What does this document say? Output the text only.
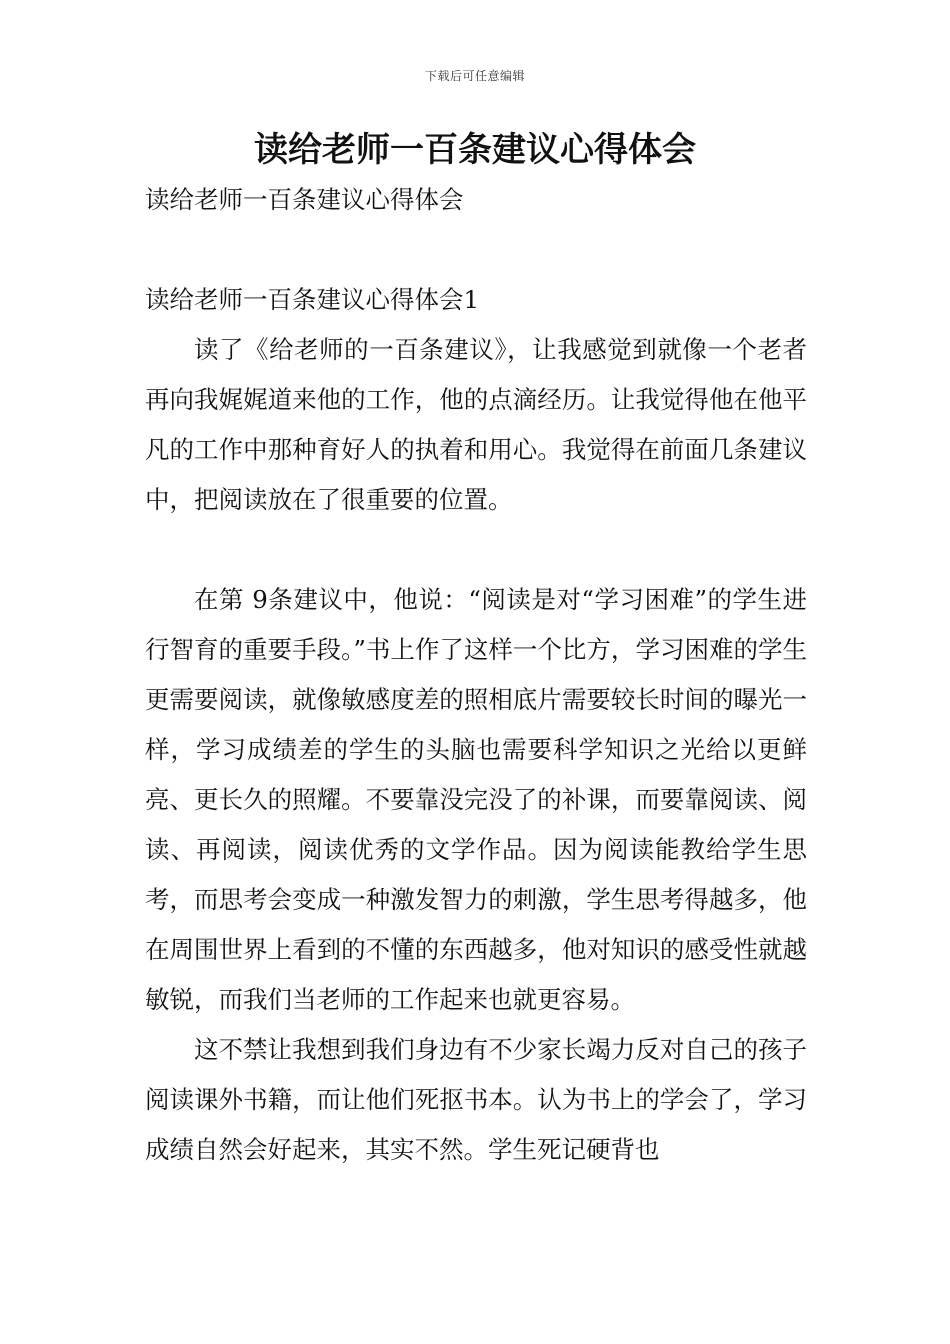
下载后可任意编辑
读给老师一百条建议心得体会
读给老师一百条建议心得体会
读给老师一百条建议心得体会1

读了《给老师的一百条建议》，让我感觉到就像一个老者再向我娓娓道来他的工作，他的点滴经历。让我觉得他在他平凡的工作中那种育好人的执着和用心。我觉得在前面几条建议中，把阅读放在了很重要的位置。

在第 9条建议中，他说：“阅读是对“学习困难”的学生进行智育的重要手段。”书上作了这样一个比方，学习困难的学生更需要阅读，就像敏感度差的照相底片需要较长时间的曝光一样，学习成绩差的学生的头脑也需要科学知识之光给以更鲜亮、更长久的照耀。不要靠没完没了的补课，而要靠阅读、阅读、再阅读，阅读优秀的文学作品。因为阅读能教给学生思考，而思考会变成一种激发智力的刺激，学生思考得越多，他在周围世界上看到的不懂的东西越多，他对知识的感受性就越敏锐，而我们当老师的工作起来也就更容易。

这不禁让我想到我们身边有不少家长竭力反对自己的孩子阅读课外书籍，而让他们死抠书本。认为书上的学会了，学习成绩自然会好起来，其实不然。学生死记硬背也
